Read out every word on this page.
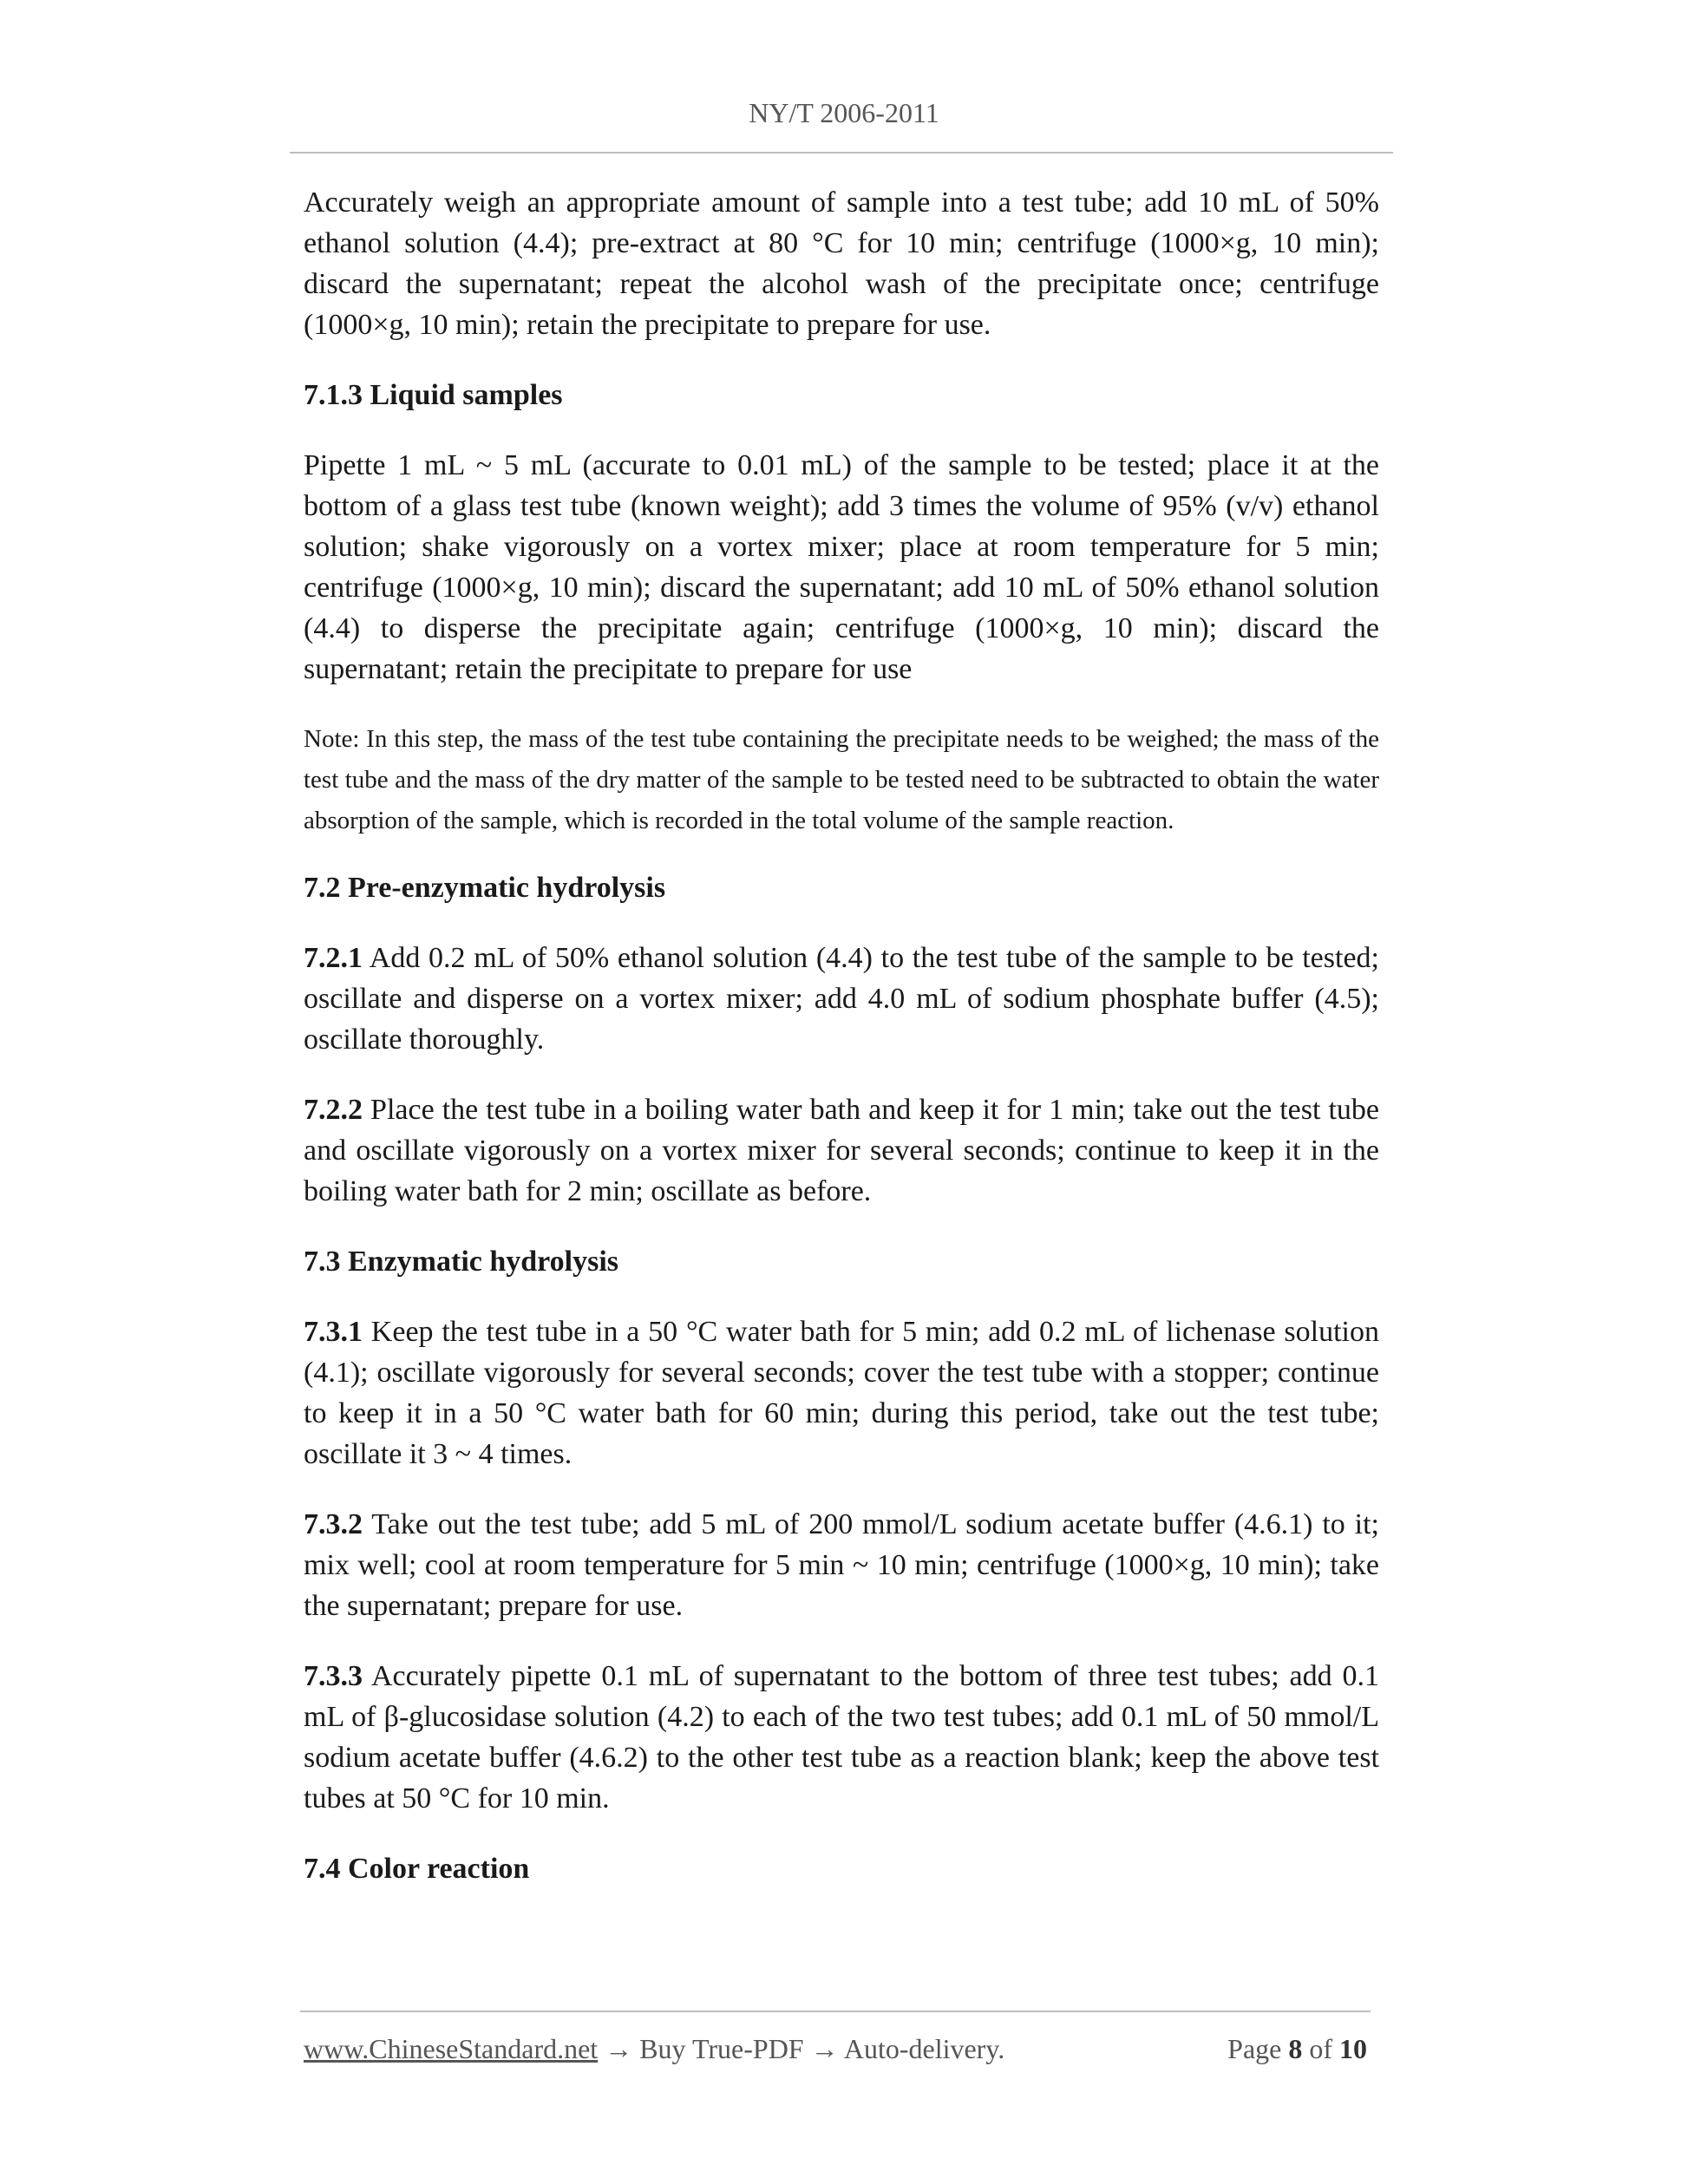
NY/T 2006-2011

Accurately weigh an appropriate amount of sample into a test tube; add 10 mL of 50% ethanol solution (4.4); pre-extract at 80 °C for 10 min; centrifuge (1000×g, 10 min); discard the supernatant; repeat the alcohol wash of the precipitate once; centrifuge (1000×g, 10 min); retain the precipitate to prepare for use.

7.1.3 Liquid samples

Pipette 1 mL ~ 5 mL (accurate to 0.01 mL) of the sample to be tested; place it at the bottom of a glass test tube (known weight); add 3 times the volume of 95% (v/v) ethanol solution; shake vigorously on a vortex mixer; place at room temperature for 5 min; centrifuge (1000×g, 10 min); discard the supernatant; add 10 mL of 50% ethanol solution (4.4) to disperse the precipitate again; centrifuge (1000×g, 10 min); discard the supernatant; retain the precipitate to prepare for use

Note: In this step, the mass of the test tube containing the precipitate needs to be weighed; the mass of the test tube and the mass of the dry matter of the sample to be tested need to be subtracted to obtain the water absorption of the sample, which is recorded in the total volume of the sample reaction.

7.2 Pre-enzymatic hydrolysis

7.2.1 Add 0.2 mL of 50% ethanol solution (4.4) to the test tube of the sample to be tested; oscillate and disperse on a vortex mixer; add 4.0 mL of sodium phosphate buffer (4.5); oscillate thoroughly.

7.2.2 Place the test tube in a boiling water bath and keep it for 1 min; take out the test tube and oscillate vigorously on a vortex mixer for several seconds; continue to keep it in the boiling water bath for 2 min; oscillate as before.

7.3 Enzymatic hydrolysis

7.3.1 Keep the test tube in a 50 °C water bath for 5 min; add 0.2 mL of lichenase solution (4.1); oscillate vigorously for several seconds; cover the test tube with a stopper; continue to keep it in a 50 °C water bath for 60 min; during this period, take out the test tube; oscillate it 3 ~ 4 times.

7.3.2 Take out the test tube; add 5 mL of 200 mmol/L sodium acetate buffer (4.6.1) to it; mix well; cool at room temperature for 5 min ~ 10 min; centrifuge (1000×g, 10 min); take the supernatant; prepare for use.

7.3.3 Accurately pipette 0.1 mL of supernatant to the bottom of three test tubes; add 0.1 mL of β-glucosidase solution (4.2) to each of the two test tubes; add 0.1 mL of 50 mmol/L sodium acetate buffer (4.6.2) to the other test tube as a reaction blank; keep the above test tubes at 50 °C for 10 min.

7.4 Color reaction
www.ChineseStandard.net → Buy True-PDF → Auto-delivery.	Page 8 of 10
